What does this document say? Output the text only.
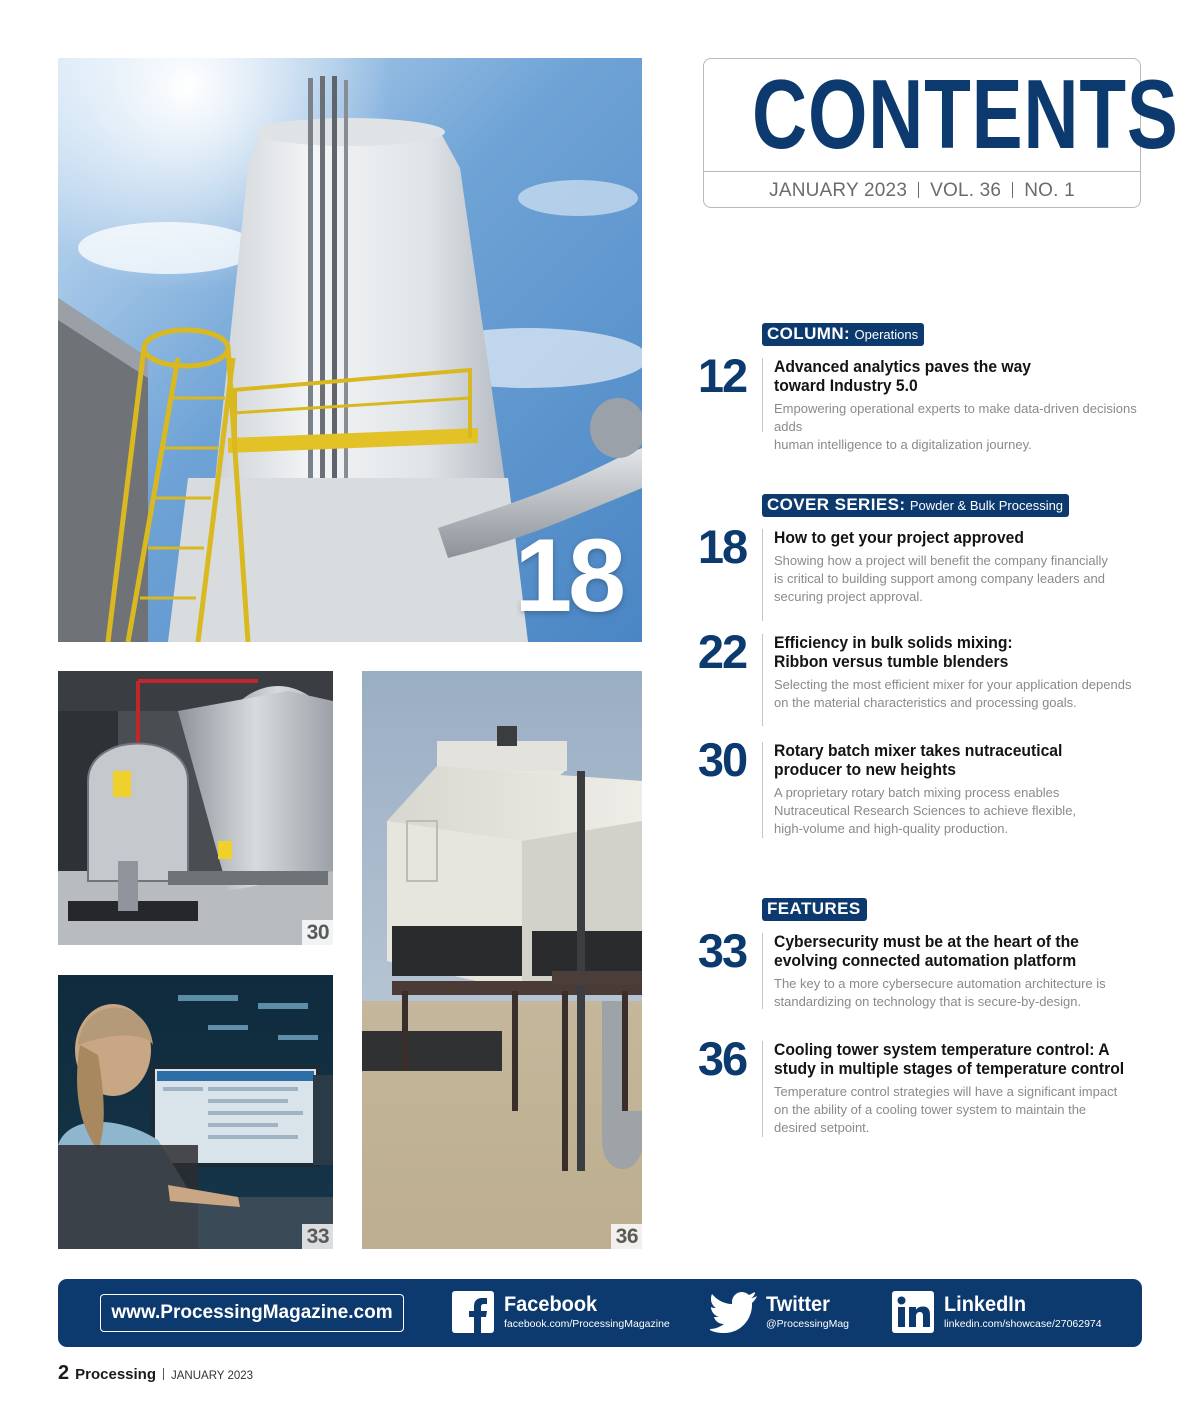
18
30
33	36
CONTENTS
JANUARY 2023 VOL. 36 NO. 1
COLUMN: Operations
12	Advanced analytics paves the way
toward Industry 5.0
Empowering operational experts to make data-driven decisions adds
human intelligence to a digitalization journey.
COVER SERIES: Powder & Bulk Processing
18	How to get your project approved
Showing how a project will benefit the company financially
is critical to building support among company leaders and
securing project approval.
22	Efficiency in bulk solids mixing:
Ribbon versus tumble blenders
Selecting the most efficient mixer for your application depends
on the material characteristics and processing goals.
30	Rotary batch mixer takes nutraceutical
producer to new heights
A proprietary rotary batch mixing process enables
Nutraceutical Research Sciences to achieve flexible,
high-volume and high-quality production.
FEATURES
33	Cybersecurity must be at the heart of the
evolving connected automation platform
The key to a more cybersecure automation architecture is
standardizing on technology that is secure-by-design.
36	Cooling tower system temperature control: A
study in multiple stages of temperature control
Temperature control strategies will have a significant impact
on the ability of a cooling tower system to maintain the
desired setpoint.
www.ProcessingMagazine.com	Facebook
facebook.com/ProcessingMagazine
Twitter
@ProcessingMag
LinkedIn
linkedin.com/showcase/27062974
2 Processing JANUARY 2023
